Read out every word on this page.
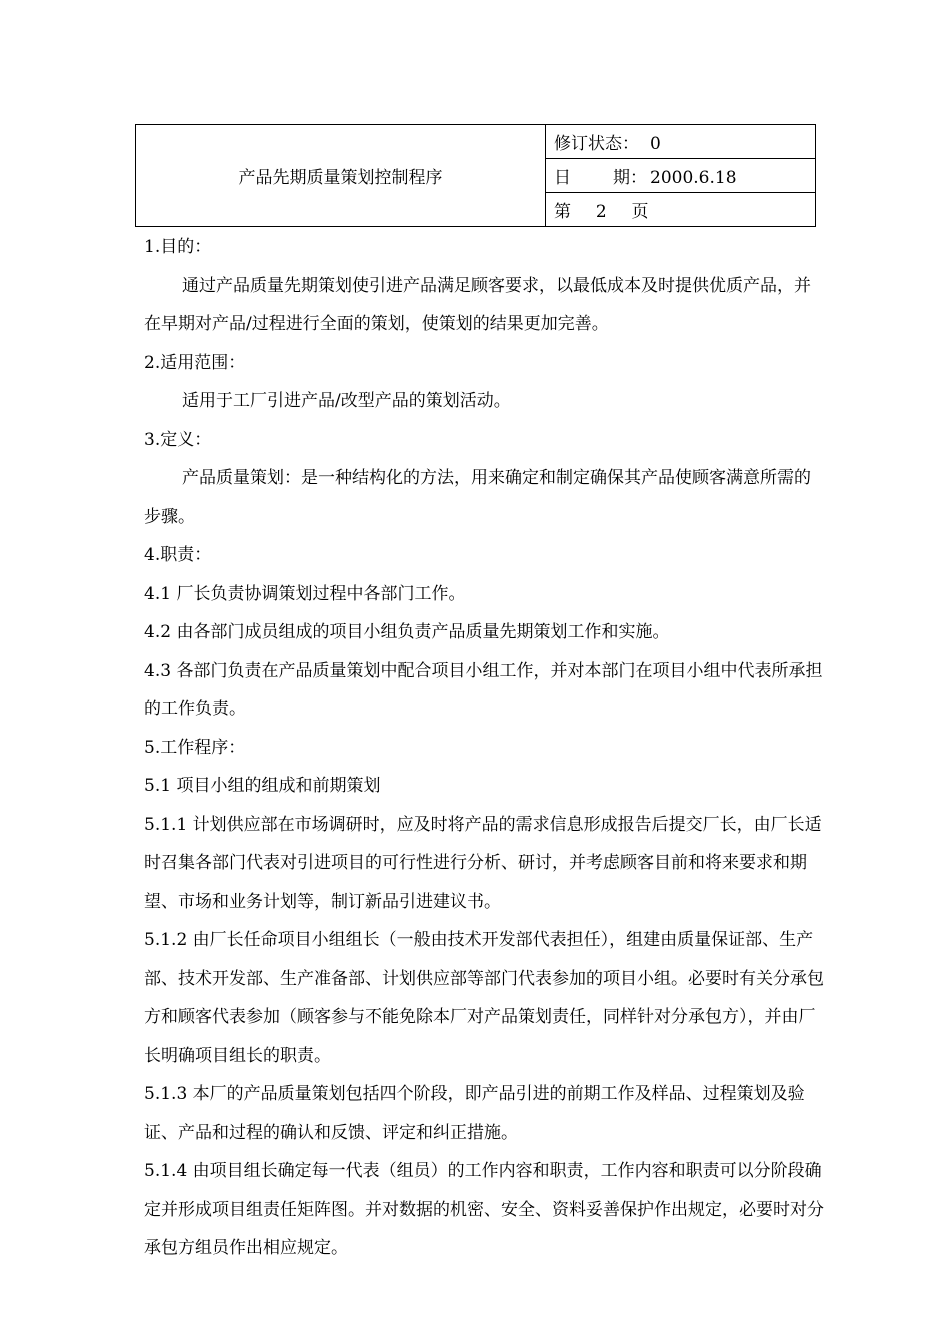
产品先期质量策划控制程序	修订状态： 0
日 期： 2000.6.18
第 2 页

1.目的：

通过产品质量先期策划使引进产品满足顾客要求，以最低成本及时提供优质产品，并在早期对产品/过程进行全面的策划，使策划的结果更加完善。

2.适用范围：

适用于工厂引进产品/改型产品的策划活动。

3.定义：

产品质量策划：是一种结构化的方法，用来确定和制定确保其产品使顾客满意所需的步骤。

4.职责：

4.1 厂长负责协调策划过程中各部门工作。

4.2 由各部门成员组成的项目小组负责产品质量先期策划工作和实施。

4.3 各部门负责在产品质量策划中配合项目小组工作，并对本部门在项目小组中代表所承担的工作负责。

5.工作程序：

5.1 项目小组的组成和前期策划

5.1.1 计划供应部在市场调研时，应及时将产品的需求信息形成报告后提交厂长，由厂长适时召集各部门代表对引进项目的可行性进行分析、研讨，并考虑顾客目前和将来要求和期望、市场和业务计划等，制订新品引进建议书。

5.1.2 由厂长任命项目小组组长（一般由技术开发部代表担任），组建由质量保证部、生产部、技术开发部、生产准备部、计划供应部等部门代表参加的项目小组。必要时有关分承包方和顾客代表参加（顾客参与不能免除本厂对产品策划责任，同样针对分承包方），并由厂长明确项目组长的职责。

5.1.3 本厂的产品质量策划包括四个阶段，即产品引进的前期工作及样品、过程策划及验证、产品和过程的确认和反馈、评定和纠正措施。

5.1.4 由项目组长确定每一代表（组员）的工作内容和职责，工作内容和职责可以分阶段确定并形成项目组责任矩阵图。并对数据的机密、安全、资料妥善保护作出规定，必要时对分承包方组员作出相应规定。
